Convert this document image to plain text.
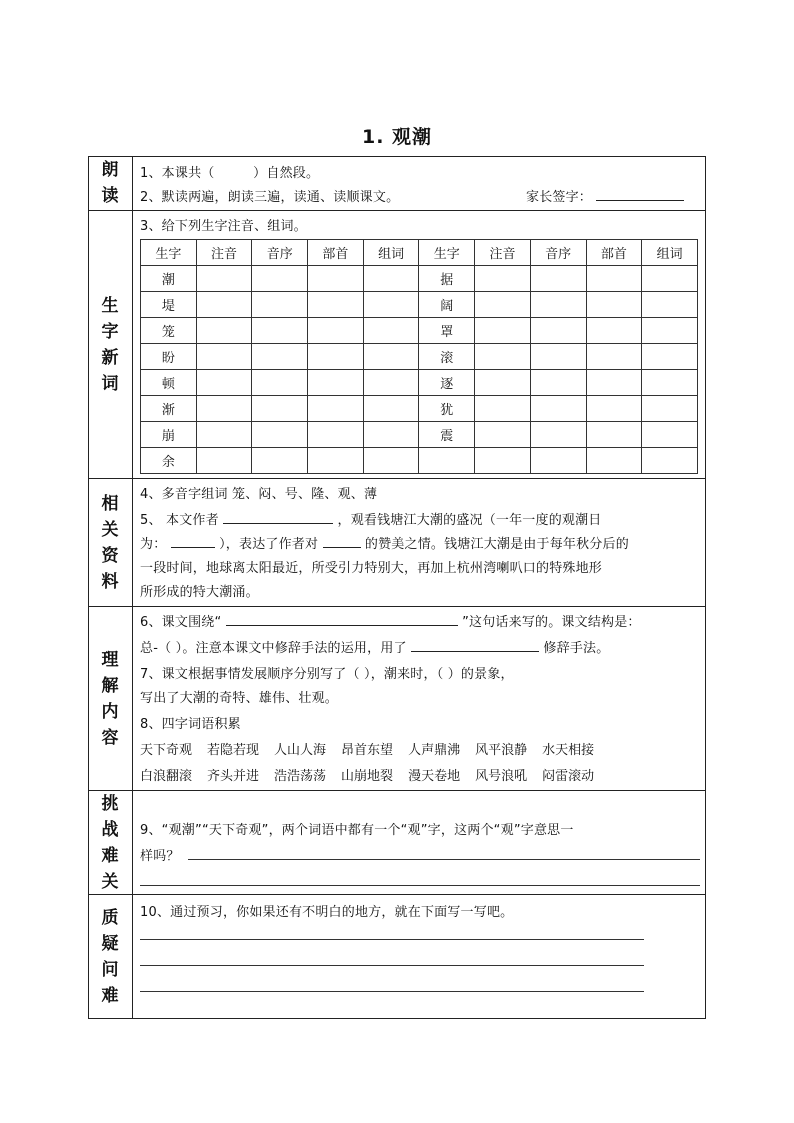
1. 观潮
朗
读
1、本课共（	）自然段。
2、默读两遍，朗读三遍，读通、读顺课文。	家长签字：
生
字
新
词
3、给下列生字注音、组词。
生字	注音	音序	部首	组词	生字	注音	音序	部首	组词
潮					据				
堤					阔				
笼					罩				
盼					滚				
顿					逐				
渐					犹				
崩					震				
余									
相
关
资
料
4、多音字组词 笼、闷、号、隆、观、薄
5、 本文作者	，观看钱塘江大潮的盛况（一年一度的观潮日
为：	），表达了作者对	的赞美之情。钱塘江大潮是由于每年秋分后的
一段时间，地球离太阳最近，所受引力特别大，再加上杭州湾喇叭口的特殊地形
所形成的特大潮涌。
理
解
内
容
6、课文围绕“	”这句话来写的。课文结构是：
总-（ ）。注意本课文中修辞手法的运用，用了	修辞手法。
7、课文根据事情发展顺序分别写了（ ），潮来时，（ ）的景象，
写出了大潮的奇特、雄伟、壮观。
8、四字词语积累
天下奇观 若隐若现 人山人海 昂首东望 人声鼎沸 风平浪静 水天相接
白浪翻滚 齐头并进 浩浩荡荡 山崩地裂 漫天卷地 风号浪吼 闷雷滚动
挑
战
难
关
9、“观潮”“天下奇观”，两个词语中都有一个“观”字，这两个“观”字意思一
样吗？
质
疑
问
难
10、通过预习，你如果还有不明白的地方，就在下面写一写吧。
